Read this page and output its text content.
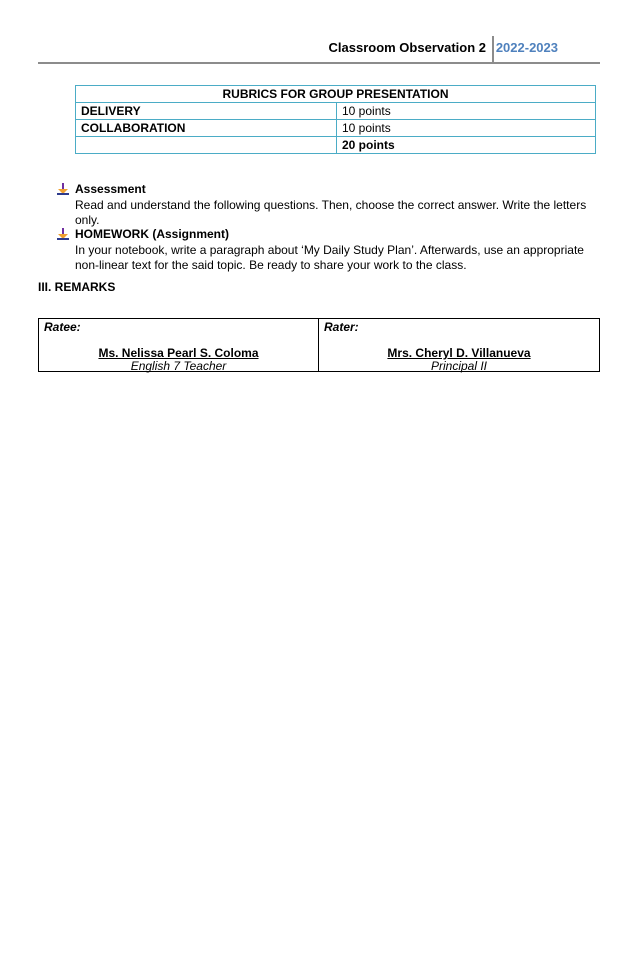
Classroom Observation 2 2022-2023
RUBRICS FOR GROUP PRESENTATION	
DELIVERY	10 points
COLLABORATION	10 points
	20 points
Assessment
Read and understand the following questions. Then, choose the correct answer. Write the letters only.
HOMEWORK (Assignment)
In your notebook, write a paragraph about ‘My Daily Study Plan’. Afterwards, use an appropriate non-linear text for the said topic. Be ready to share your work to the class.
III. REMARKS
Ratee:
Ms. Nelissa Pearl S. Coloma
English 7 Teacher
Rater:
Mrs. Cheryl D. Villanueva
Principal II
